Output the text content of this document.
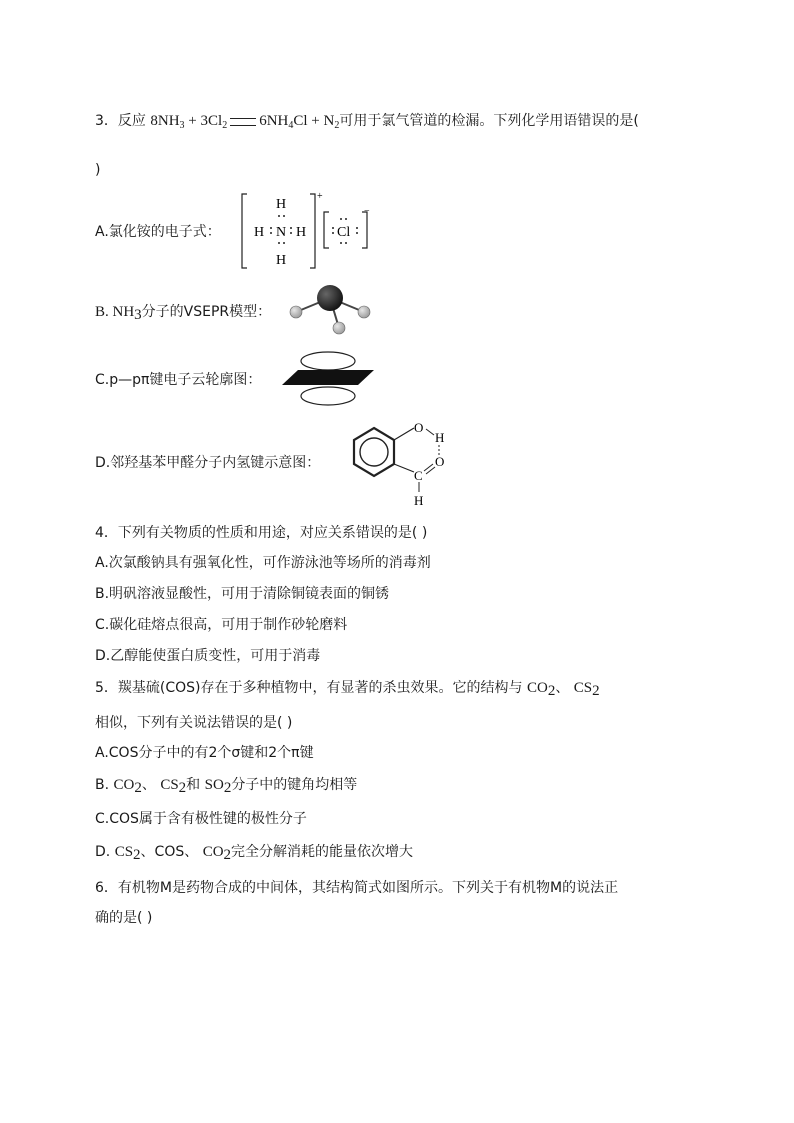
3．反应 $8NH_3 + 3Cl_2$ $6NH_4Cl + N_2$可用于氯气管道的检漏。下列化学用语错误的是(
)
A.氯化铵的电子式：
+
H
H
H H
N
−
Cl
B. $NH_3$分子的VSEPR模型：
C.p—pπ键电子云轮廓图：
D.邻羟基苯甲醛分子内氢键示意图：
O
H
O
C
H
4．下列有关物质的性质和用途，对应关系错误的是( )
A.次氯酸钠具有强氧化性，可作游泳池等场所的消毒剂
B.明矾溶液显酸性，可用于清除铜镜表面的铜锈
C.碳化硅熔点很高，可用于制作砂轮磨料
D.乙醇能使蛋白质变性，可用于消毒
5．羰基硫(COS)存在于多种植物中，有显著的杀虫效果。它的结构与 $CO_2$、 $CS_2$
相似，下列有关说法错误的是( )
A.COS分子中的有2个σ键和2个π键
B. $CO_2$、 $CS_2$和 $SO_2$分子中的键角均相等
C.COS属于含有极性键的极性分子
D. $CS_2$、COS、 $CO_2$完全分解消耗的能量依次增大
6．有机物M是药物合成的中间体，其结构简式如图所示。下列关于有机物M的说法正
确的是( )
